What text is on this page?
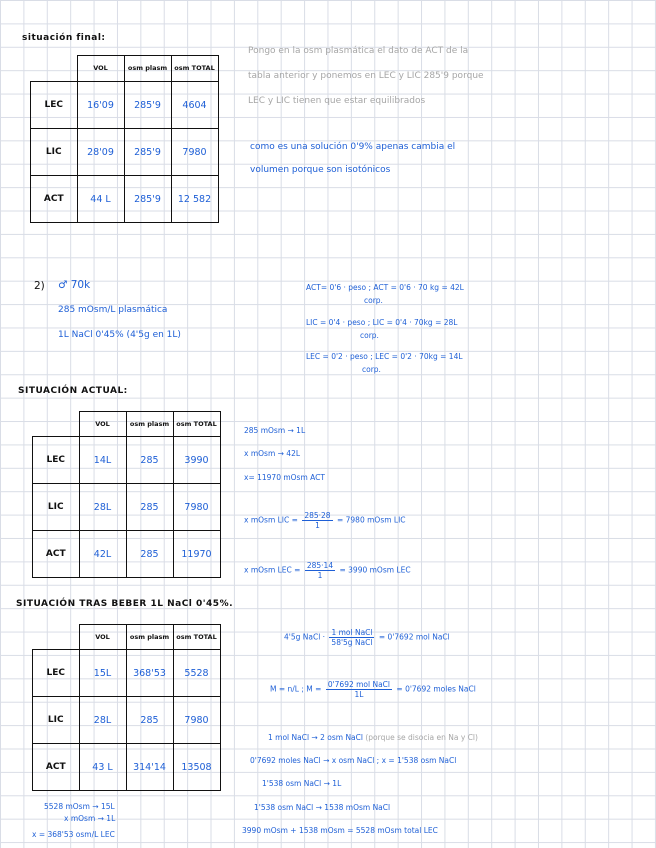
situación final:
	VOL	osm plasm	osm TOTAL
LEC	16'09	285'9	4604
LIC	28'09	285'9	7980
ACT	44 L	285'9	12 582
Pongo en la osm plasmática el dato de ACT de la
tabla anterior y ponemos en LEC y LIC 285'9 porque
LEC y LIC tienen que estar equilibrados
como es una solución 0'9% apenas cambia el
volumen porque son isotónicos
2) ♂ 70k
285 mOsm/L plasmática
1L NaCl 0'45% (4'5g en 1L)
ACT= 0'6 · peso ; ACT = 0'6 · 70 kg = 42L
corp.
LIC = 0'4 · peso ; LIC = 0'4 · 70kg = 28L
corp.
LEC = 0'2 · peso ; LEC = 0'2 · 70kg = 14L
corp.
SITUACIÓN ACTUAL:
	VOL	osm plasm	osm TOTAL
LEC	14L	285	3990
LIC	28L	285	7980
ACT	42L	285	11970
285 mOsm → 1L
x mOsm → 42L
x= 11970 mOsm ACT
x mOsm LIC = $\frac{285\cdot 28}{1} = 7980$ mOsm LIC
x mOsm LEC = $\frac{285\cdot 14}{1} = 3990$ mOsm LEC
SITUACIÓN TRAS BEBER 1L NaCl 0'45%.
	VOL	osm plasm	osm TOTAL
LEC	15L	368'53	5528
LIC	28L	285	7980
ACT	43 L	314'14	13508
4'5g NaCl · $\frac{\text{1 mol NaCl}}{\text{58'5g NaCl}} = 0'7692$ mol NaCl
M = n/L ; $M = \frac{\text{0'7692 mol NaCl}}{1L} = 0'7692$ moles NaCl
1 mol NaCl → 2 osm NaCl (porque se disocia en Na y Cl)
0'7692 moles NaCl → x osm NaCl ; x = 1'538 osm NaCl
1'538 osm NaCl → 1L
1'538 osm NaCl → 1538 mOsm NaCl
3990 mOsm + 1538 mOsm = 5528 mOsm total LEC
5528 mOsm → 15L
x mOsm → 1L
x = 368'53 osm/L LEC
